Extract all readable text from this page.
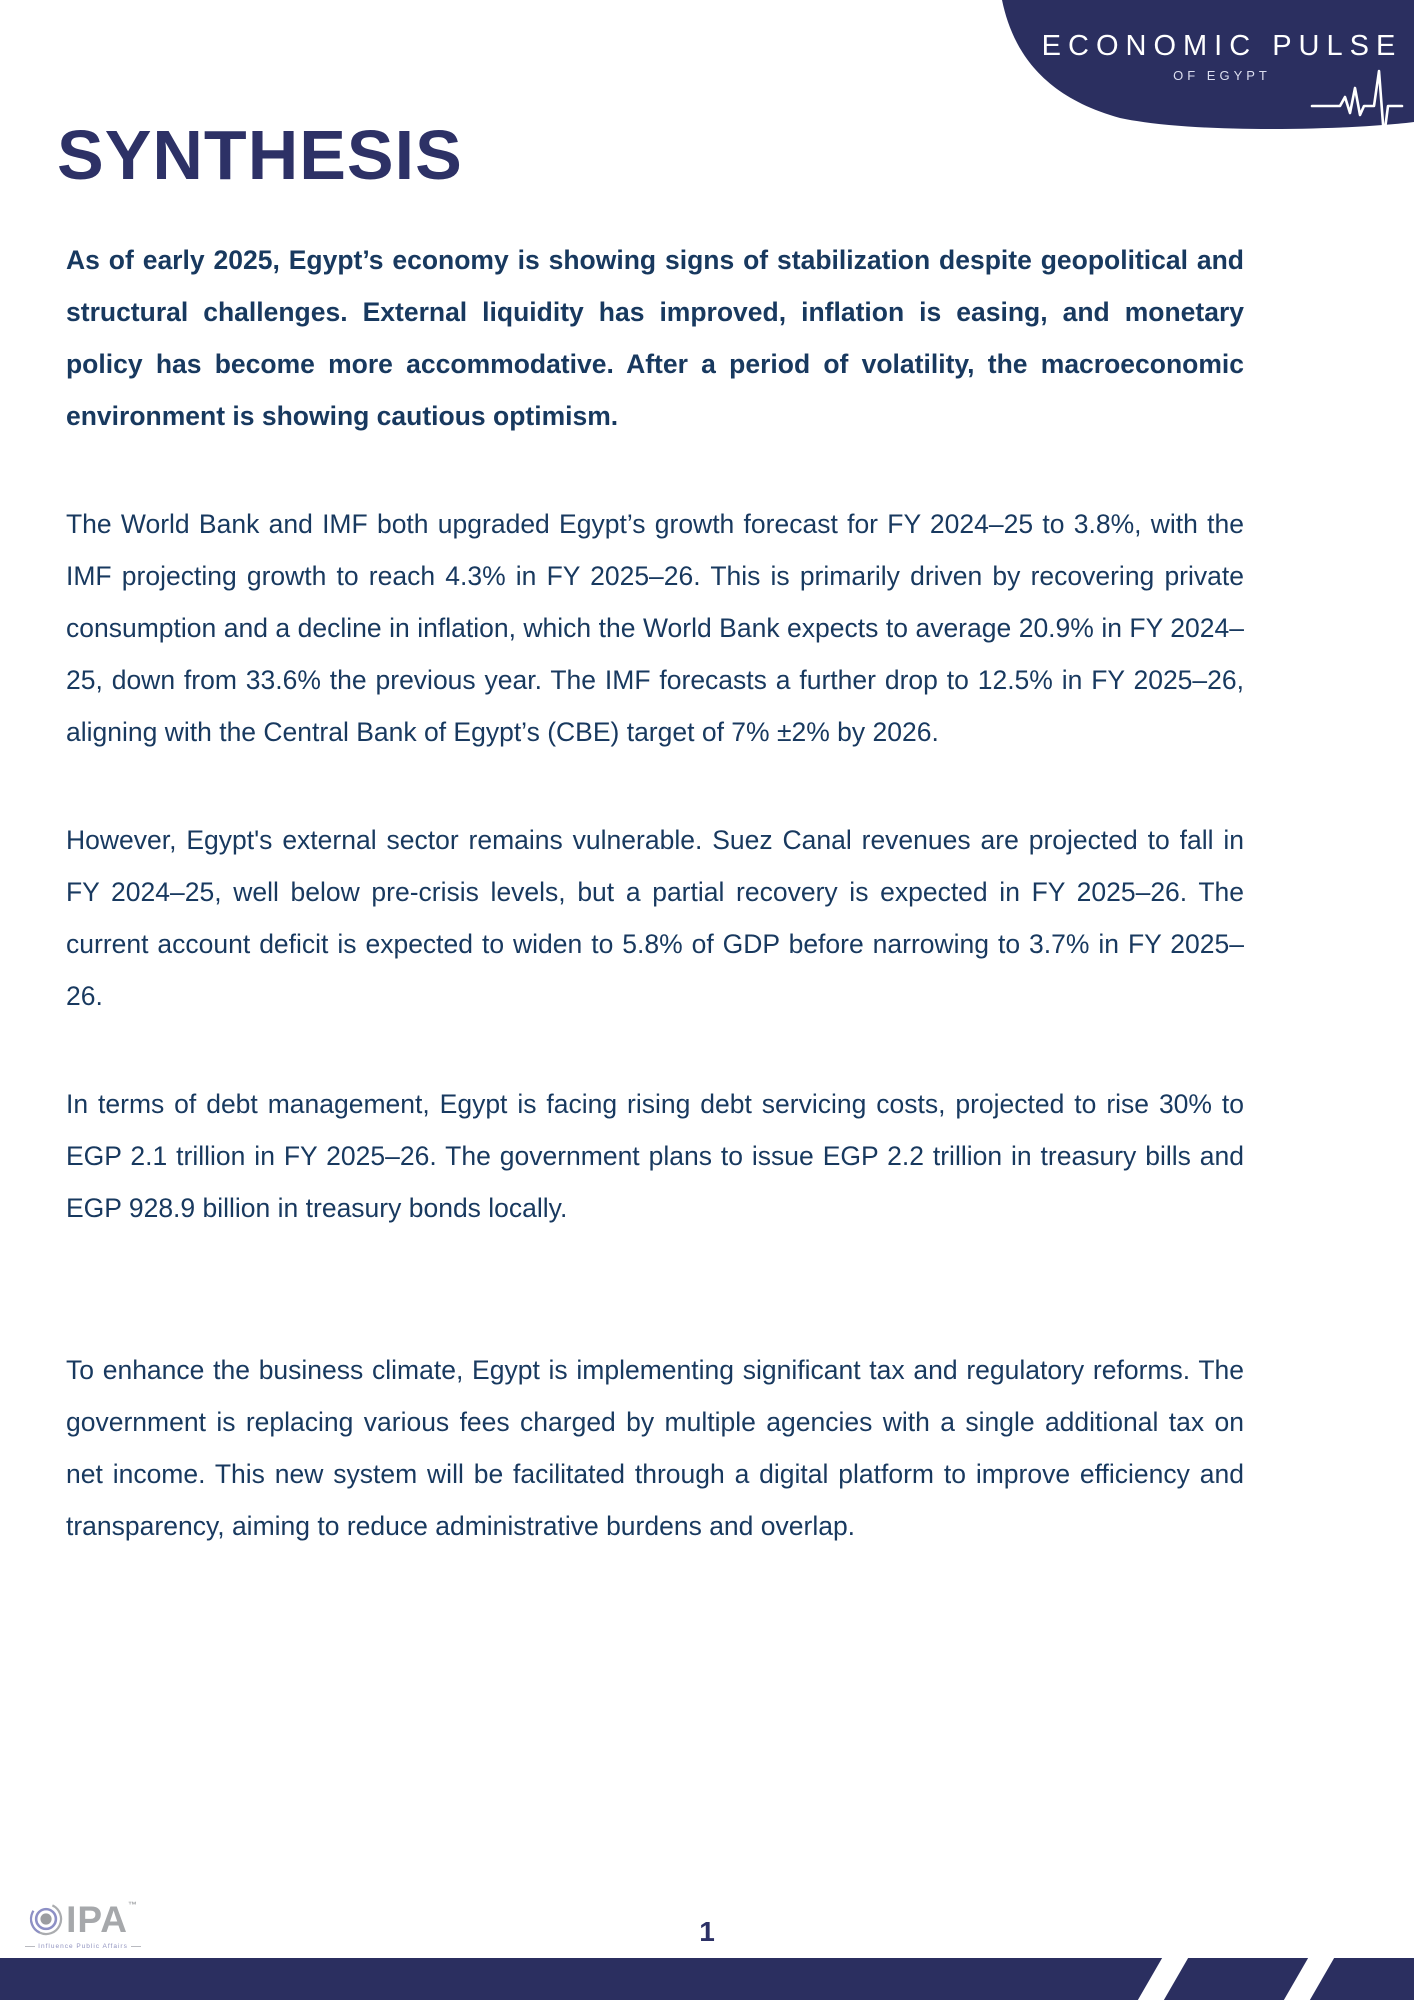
ECONOMIC PULSE
OF EGYPT
SYNTHESIS

As of early 2025, Egypt’s economy is showing signs of stabilization despite geopolitical and structural challenges. External liquidity has improved, inflation is easing, and monetary policy has become more accommodative. After a period of volatility, the macroeconomic environment is showing cautious optimism.

The World Bank and IMF both upgraded Egypt’s growth forecast for FY 2024–25 to 3.8%, with the IMF projecting growth to reach 4.3% in FY 2025–26. This is primarily driven by recovering private consumption and a decline in inflation, which the World Bank expects to average 20.9% in FY 2024–25, down from 33.6% the previous year. The IMF forecasts a further drop to 12.5% in FY 2025–26, aligning with the Central Bank of Egypt’s (CBE) target of 7% ±2% by 2026.

However, Egypt's external sector remains vulnerable. Suez Canal revenues are projected to fall in FY 2024–25, well below pre-crisis levels, but a partial recovery is expected in FY 2025–26. The current account deficit is expected to widen to 5.8% of GDP before narrowing to 3.7% in FY 2025–26.

In terms of debt management, Egypt is facing rising debt servicing costs, projected to rise 30% to EGP 2.1 trillion in FY 2025–26. The government plans to issue EGP 2.2 trillion in treasury bills and EGP 928.9 billion in treasury bonds locally.

To enhance the business climate, Egypt is implementing significant tax and regulatory reforms. The government is replacing various fees charged by multiple agencies with a single additional tax on net income. This new system will be facilitated through a digital platform to improve efficiency and transparency, aiming to reduce administrative burdens and overlap.

IPA™
Influence Public Affairs	1
